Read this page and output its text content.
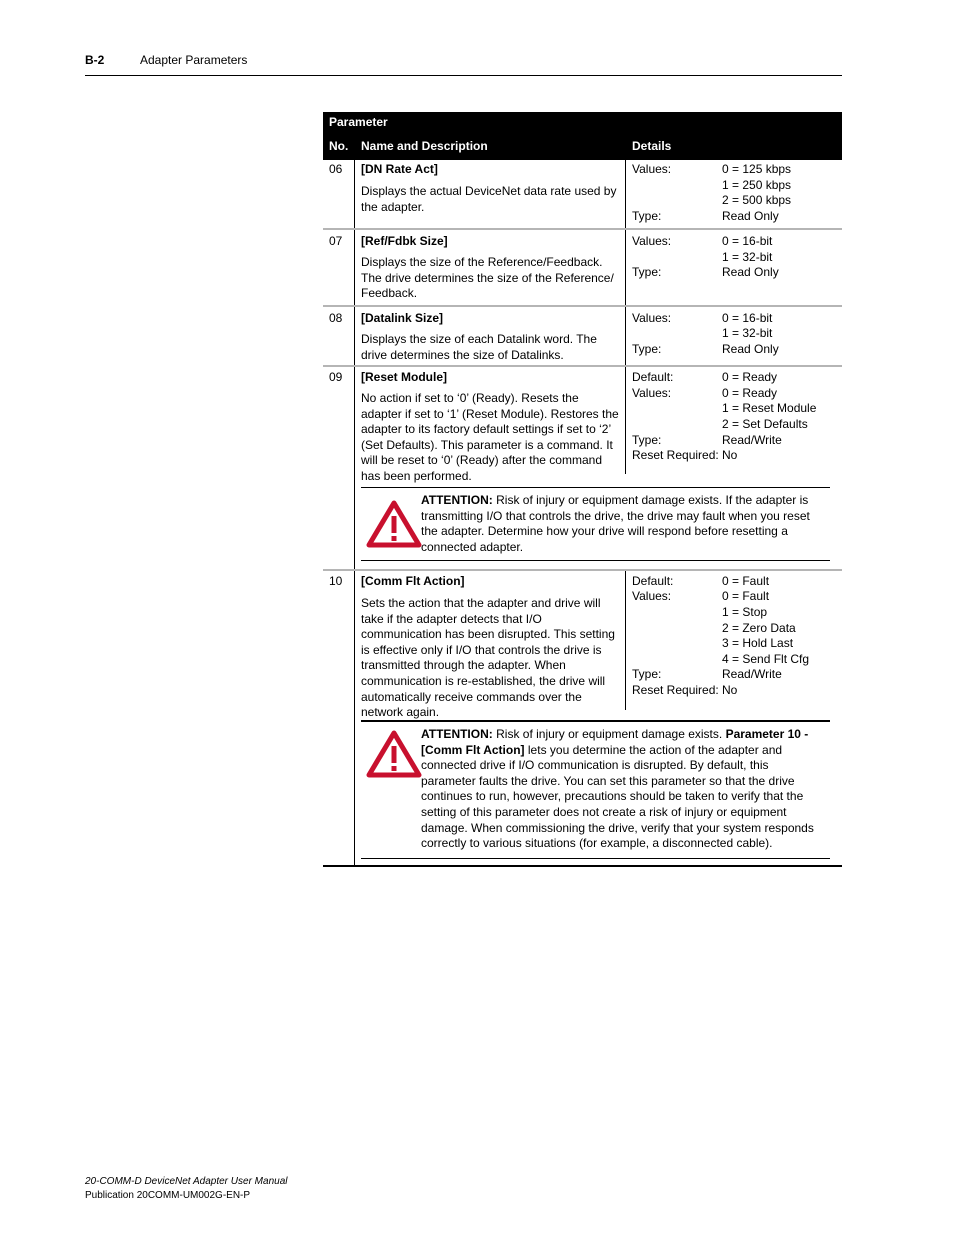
B-2	Adapter Parameters
Parameter
No. Name and Description	Details
06 [DN Rate Act]
Displays the actual DeviceNet data rate used by the adapter.
Values:	0 = 125 kbps
1 = 250 kbps
2 = 500 kbps
Type:	Read Only
07 [Ref/Fdbk Size]
Displays the size of the Reference/Feedback. The drive determines the size of the Reference/ Feedback.
Values:	0 = 16-bit
1 = 32-bit
Type:	Read Only
08 [Datalink Size]
Displays the size of each Datalink word. The drive determines the size of Datalinks.
Values:	0 = 16-bit
1 = 32-bit
Type:	Read Only
09 [Reset Module]
No action if set to ‘0’ (Ready). Resets the adapter if set to ‘1’ (Reset Module). Restores the adapter to its factory default settings if set to ‘2’ (Set Defaults). This parameter is a command. It will be reset to ‘0’ (Ready) after the command has been performed.
Default:	0 = Ready
Values:	0 = Ready
1 = Reset Module
2 = Set Defaults
Type:	Read/Write
Reset Required: No
ATTENTION: Risk of injury or equipment damage exists. If the adapter is transmitting I/O that controls the drive, the drive may fault when you reset the adapter. Determine how your drive will respond before resetting a connected adapter.
10 [Comm Flt Action]
Sets the action that the adapter and drive will take if the adapter detects that I/O communication has been disrupted. This setting is effective only if I/O that controls the drive is transmitted through the adapter. When communication is re-established, the drive will automatically receive commands over the network again.
Default:	0 = Fault
Values:	0 = Fault
1 = Stop
2 = Zero Data
3 = Hold Last
4 = Send Flt Cfg
Type:	Read/Write
Reset Required: No
ATTENTION: Risk of injury or equipment damage exists. Parameter 10 - [Comm Flt Action] lets you determine the action of the adapter and connected drive if I/O communication is disrupted. By default, this parameter faults the drive. You can set this parameter so that the drive continues to run, however, precautions should be taken to verify that the setting of this parameter does not create a risk of injury or equipment damage. When commissioning the drive, verify that your system responds correctly to various situations (for example, a disconnected cable).
20-COMM-D DeviceNet Adapter User Manual
Publication 20COMM-UM002G-EN-P
